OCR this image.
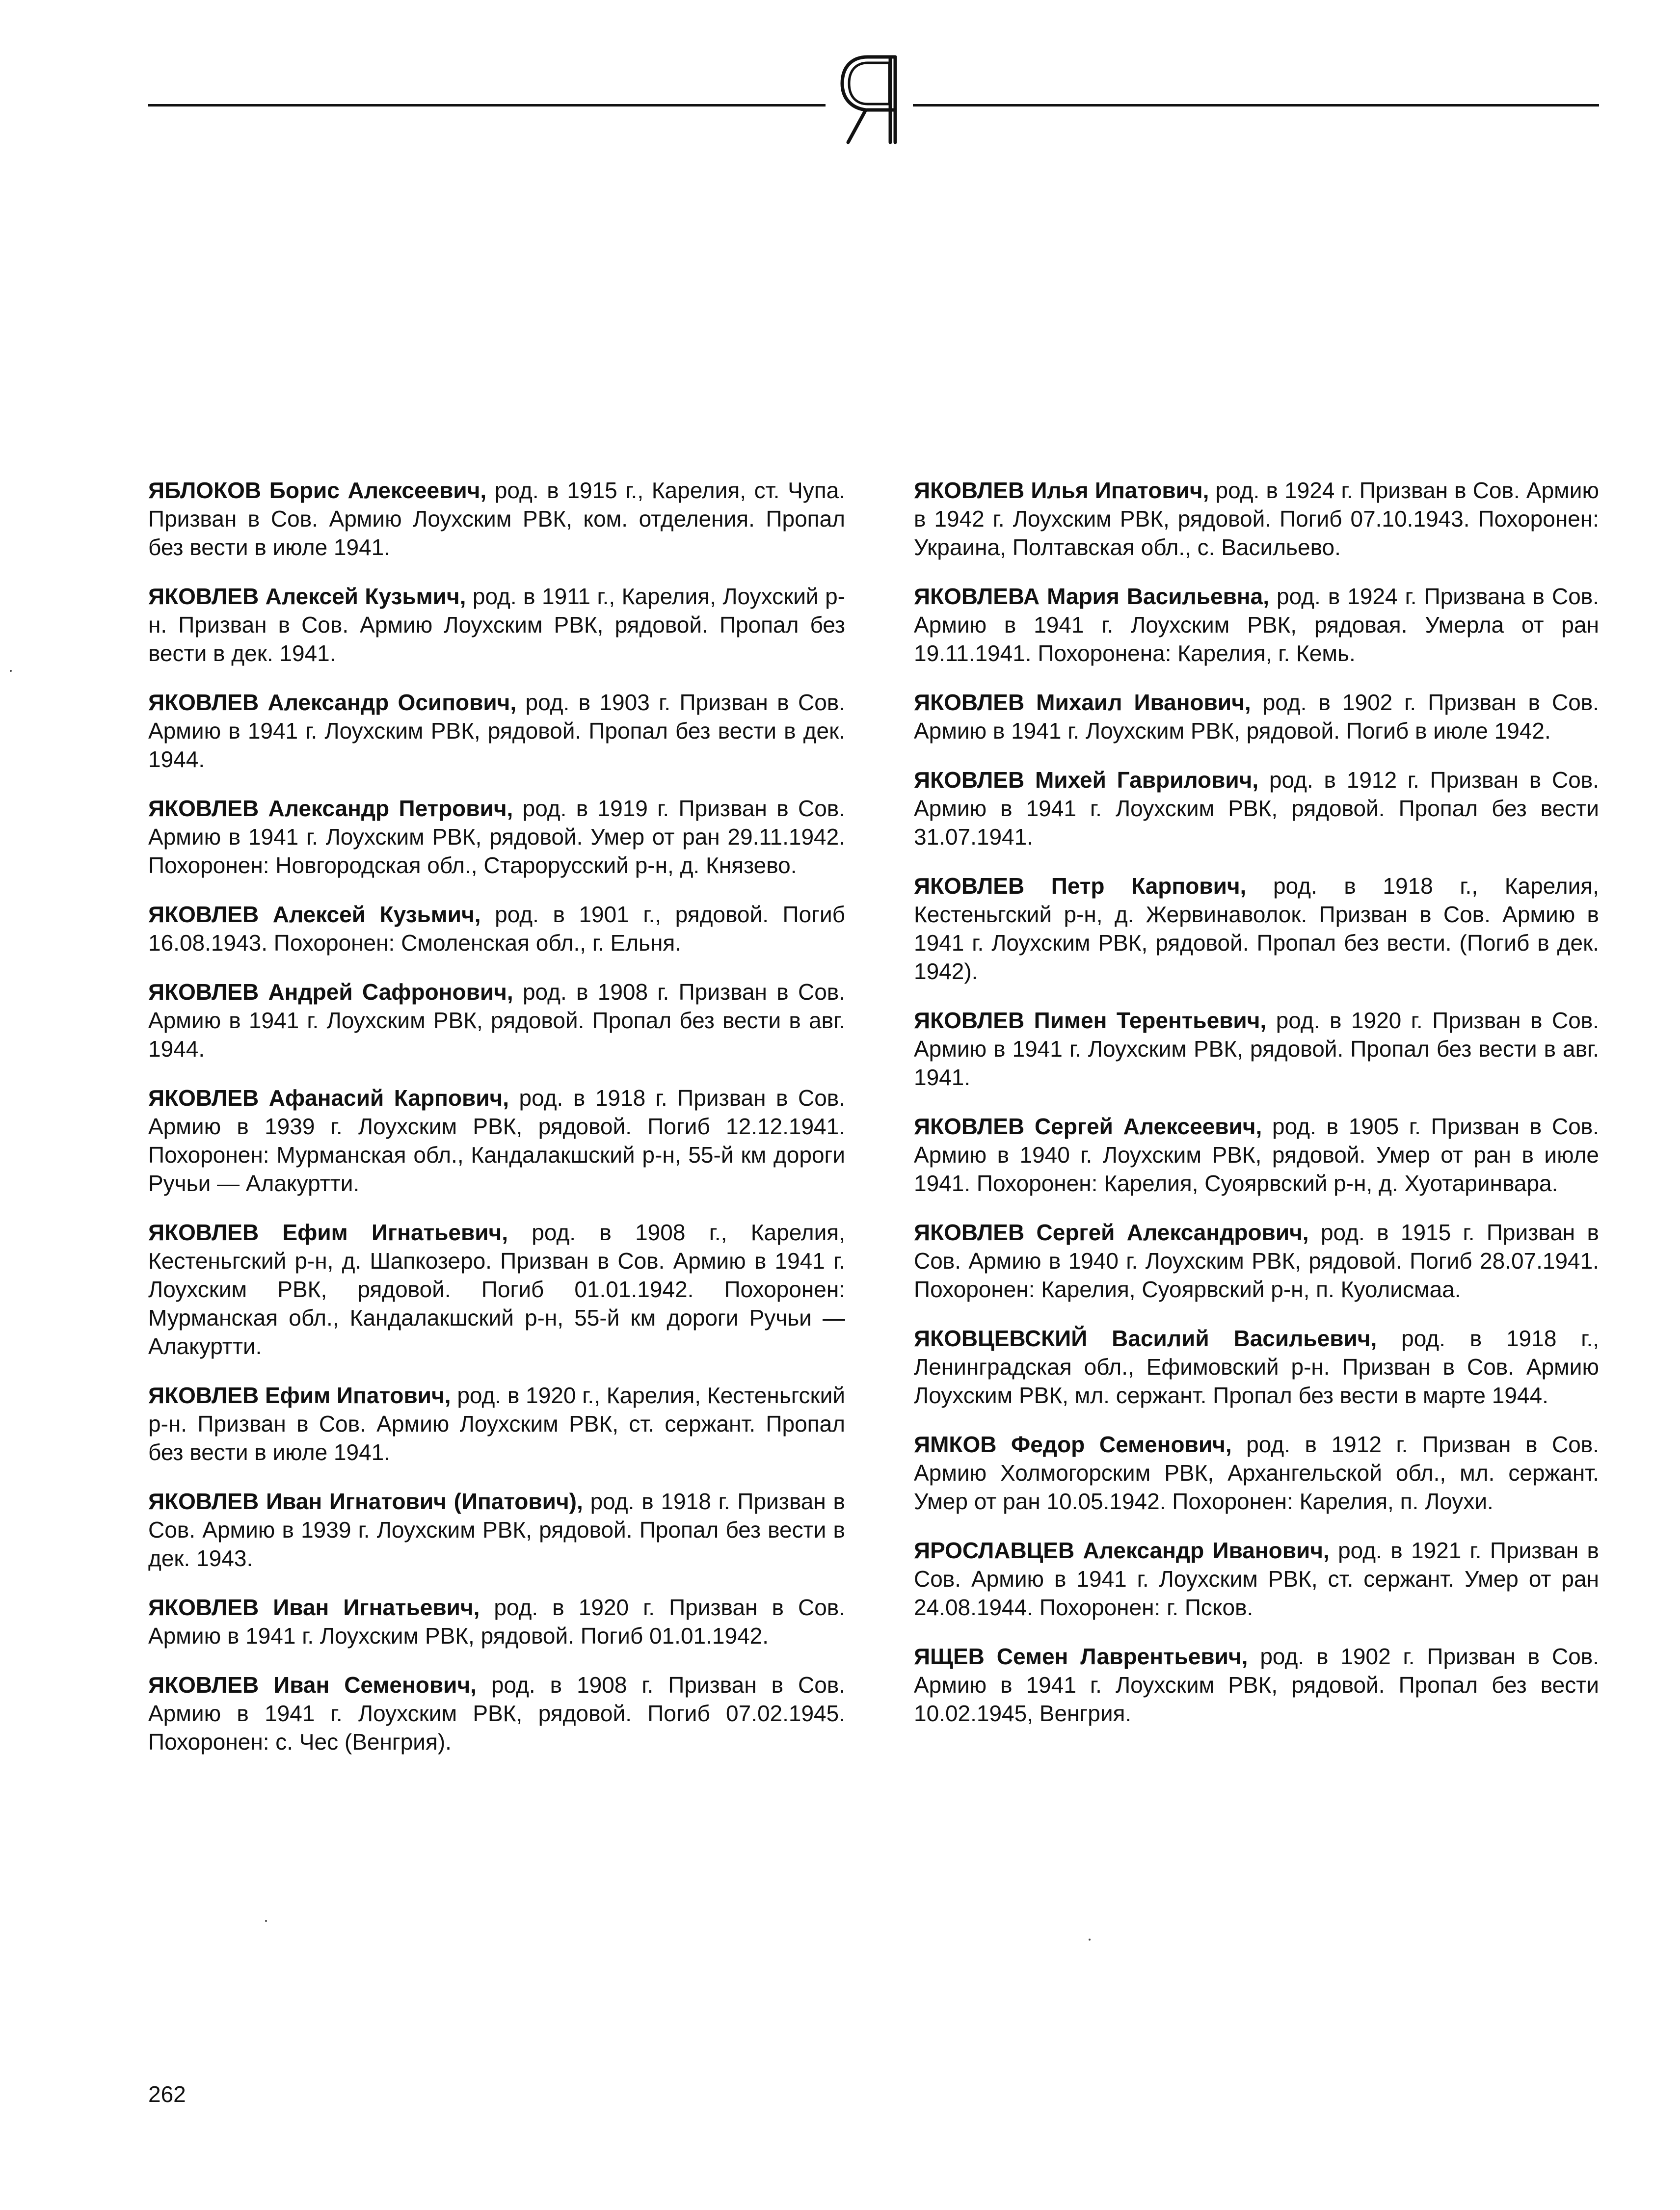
ЯБЛОКОВ Борис Алексеевич, род. в 1915 г., Карелия, ст. Чупа. Призван в Сов. Армию Лоухским РВК, ком. отделения. Пропал без вести в июле 1941.

ЯКОВЛЕВ Алексей Кузьмич, род. в 1911 г., Карелия, Лоухский р-н. Призван в Сов. Армию Лоухским РВК, рядовой. Пропал без вести в дек. 1941.

ЯКОВЛЕВ Александр Осипович, род. в 1903 г. Призван в Сов. Армию в 1941 г. Лоухским РВК, рядовой. Пропал без вести в дек. 1944.

ЯКОВЛЕВ Александр Петрович, род. в 1919 г. Призван в Сов. Армию в 1941 г. Лоухским РВК, рядовой. Умер от ран 29.11.1942. Похоронен: Новгородская обл., Старорусский р-н, д. Князево.

ЯКОВЛЕВ Алексей Кузьмич, род. в 1901 г., рядовой. Погиб 16.08.1943. Похоронен: Смоленская обл., г. Ельня.

ЯКОВЛЕВ Андрей Сафронович, род. в 1908 г. Призван в Сов. Армию в 1941 г. Лоухским РВК, рядовой. Пропал без вести в авг. 1944.

ЯКОВЛЕВ Афанасий Карпович, род. в 1918 г. Призван в Сов. Армию в 1939 г. Лоухским РВК, рядовой. Погиб 12.12.1941. Похоронен: Мурманская обл., Кандалакшский р-н, 55-й км дороги Ручьи — Алакуртти.

ЯКОВЛЕВ Ефим Игнатьевич, род. в 1908 г., Карелия, Кестеньгский р-н, д. Шапкозеро. Призван в Сов. Армию в 1941 г. Лоухским РВК, рядовой. Погиб 01.01.1942. Похоронен: Мурманская обл., Кандалакшский р-н, 55-й км дороги Ручьи — Алакуртти.

ЯКОВЛЕВ Ефим Ипатович, род. в 1920 г., Карелия, Кестеньгский р-н. Призван в Сов. Армию Лоухским РВК, ст. сержант. Пропал без вести в июле 1941.

ЯКОВЛЕВ Иван Игнатович (Ипатович), род. в 1918 г. Призван в Сов. Армию в 1939 г. Лоухским РВК, рядовой. Пропал без вести в дек. 1943.

ЯКОВЛЕВ Иван Игнатьевич, род. в 1920 г. Призван в Сов. Армию в 1941 г. Лоухским РВК, рядовой. Погиб 01.01.1942.

ЯКОВЛЕВ Иван Семенович, род. в 1908 г. Призван в Сов. Армию в 1941 г. Лоухским РВК, рядовой. Погиб 07.02.1945. Похоронен: с. Чес (Венгрия).

ЯКОВЛЕВ Илья Ипатович, род. в 1924 г. Призван в Сов. Армию в 1942 г. Лоухским РВК, рядовой. Погиб 07.10.1943. Похоронен: Украина, Полтавская обл., с. Васильево.

ЯКОВЛЕВА Мария Васильевна, род. в 1924 г. Призвана в Сов. Армию в 1941 г. Лоухским РВК, рядовая. Умерла от ран 19.11.1941. Похоронена: Карелия, г. Кемь.

ЯКОВЛЕВ Михаил Иванович, род. в 1902 г. Призван в Сов. Армию в 1941 г. Лоухским РВК, рядовой. Погиб в июле 1942.

ЯКОВЛЕВ Михей Гаврилович, род. в 1912 г. Призван в Сов. Армию в 1941 г. Лоухским РВК, рядовой. Пропал без вести 31.07.1941.

ЯКОВЛЕВ Петр Карпович, род. в 1918 г., Карелия, Кестеньгский р-н, д. Жервинаволок. Призван в Сов. Армию в 1941 г. Лоухским РВК, рядовой. Пропал без вести. (Погиб в дек. 1942).

ЯКОВЛЕВ Пимен Терентьевич, род. в 1920 г. Призван в Сов. Армию в 1941 г. Лоухским РВК, рядовой. Пропал без вести в авг. 1941.

ЯКОВЛЕВ Сергей Алексеевич, род. в 1905 г. Призван в Сов. Армию в 1940 г. Лоухским РВК, рядовой. Умер от ран в июле 1941. Похоронен: Карелия, Суоярвский р-н, д. Хуотаринвара.

ЯКОВЛЕВ Сергей Александрович, род. в 1915 г. Призван в Сов. Армию в 1940 г. Лоухским РВК, рядовой. Погиб 28.07.1941. Похоронен: Карелия, Суоярвский р-н, п. Куолисмаа.

ЯКОВЦЕВСКИЙ Василий Васильевич, род. в 1918 г., Ленинградская обл., Ефимовский р-н. Призван в Сов. Армию Лоухским РВК, мл. сержант. Пропал без вести в марте 1944.

ЯМКОВ Федор Семенович, род. в 1912 г. Призван в Сов. Армию Холмогорским РВК, Архангельской обл., мл. сержант. Умер от ран 10.05.1942. Похоронен: Карелия, п. Лоухи.

ЯРОСЛАВЦЕВ Александр Иванович, род. в 1921 г. Призван в Сов. Армию в 1941 г. Лоухским РВК, ст. сержант. Умер от ран 24.08.1944. Похоронен: г. Псков.

ЯЩЕВ Семен Лаврентьевич, род. в 1902 г. Призван в Сов. Армию в 1941 г. Лоухским РВК, рядовой. Пропал без вести 10.02.1945, Венгрия.

262
